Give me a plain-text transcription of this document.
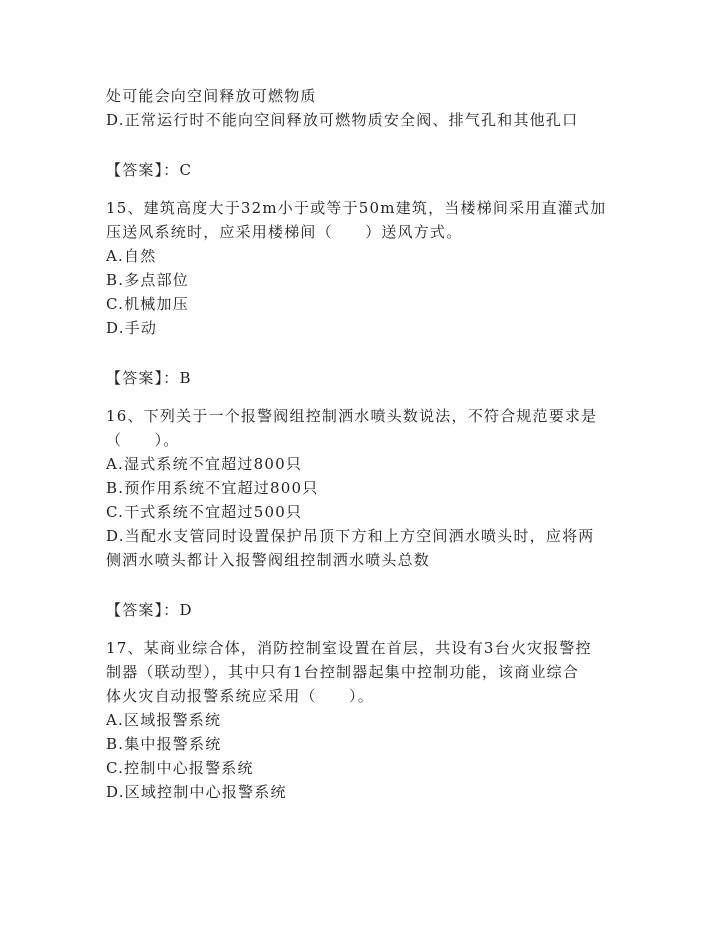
处可能会向空间释放可燃物质
D.正常运行时不能向空间释放可燃物质安全阀、排气孔和其他孔口
【答案】：C
15、建筑高度大于32m小于或等于50m建筑，当楼梯间采用直灌式加
压送风系统时，应采用楼梯间（　　）送风方式。
A.自然
B.多点部位
C.机械加压
D.手动
【答案】：B
16、下列关于一个报警阀组控制洒水喷头数说法，不符合规范要求是
（　　）。
A.湿式系统不宜超过800只
B.预作用系统不宜超过800只
C.干式系统不宜超过500只
D.当配水支管同时设置保护吊顶下方和上方空间洒水喷头时，应将两
侧洒水喷头都计入报警阀组控制洒水喷头总数
【答案】：D
17、某商业综合体，消防控制室设置在首层，共设有3台火灾报警控
制器（联动型），其中只有1台控制器起集中控制功能，该商业综合
体火灾自动报警系统应采用（　　）。
A.区域报警系统
B.集中报警系统
C.控制中心报警系统
D.区域控制中心报警系统
